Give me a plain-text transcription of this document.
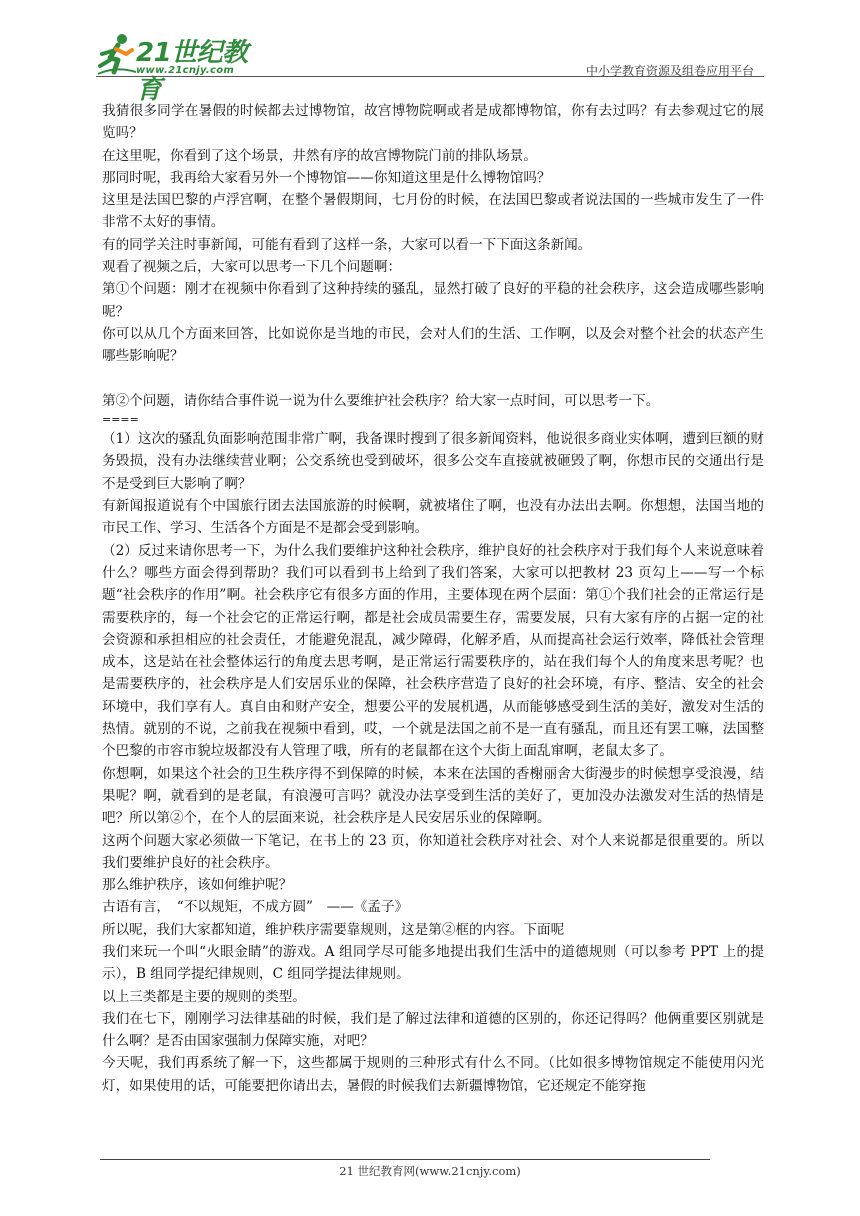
21世纪教育
www.21cnjy.com	中小学教育资源及组卷应用平台

我猜很多同学在暑假的时候都去过博物馆，故宫博物院啊或者是成都博物馆，你有去过吗？有去参观过它的展览吗？

在这里呢，你看到了这个场景，井然有序的故宫博物院门前的排队场景。

那同时呢，我再给大家看另外一个博物馆——你知道这里是什么博物馆吗？

这里是法国巴黎的卢浮宫啊，在整个暑假期间，七月份的时候，在法国巴黎或者说法国的一些城市发生了一件非常不太好的事情。

有的同学关注时事新闻，可能有看到了这样一条，大家可以看一下下面这条新闻。

观看了视频之后，大家可以思考一下几个问题啊：

第①个问题：刚才在视频中你看到了这种持续的骚乱，显然打破了良好的平稳的社会秩序，这会造成哪些影响呢？

你可以从几个方面来回答，比如说你是当地的市民，会对人们的生活、工作啊，以及会对整个社会的状态产生哪些影响呢？

第②个问题，请你结合事件说一说为什么要维护社会秩序？给大家一点时间，可以思考一下。

====

（1）这次的骚乱负面影响范围非常广啊，我备课时搜到了很多新闻资料，他说很多商业实体啊，遭到巨额的财务毁损，没有办法继续营业啊；公交系统也受到破坏，很多公交车直接就被砸毁了啊，你想市民的交通出行是不是受到巨大影响了啊？

有新闻报道说有个中国旅行团去法国旅游的时候啊，就被堵住了啊，也没有办法出去啊。你想想，法国当地的市民工作、学习、生活各个方面是不是都会受到影响。

（2）反过来请你思考一下，为什么我们要维护这种社会秩序，维护良好的社会秩序对于我们每个人来说意味着什么？哪些方面会得到帮助？我们可以看到书上给到了我们答案，大家可以把教材 23 页勾上——写一个标题“社会秩序的作用”啊。社会秩序它有很多方面的作用，主要体现在两个层面：第①个我们社会的正常运行是需要秩序的，每一个社会它的正常运行啊，都是社会成员需要生存，需要发展，只有大家有序的占据一定的社会资源和承担相应的社会责任，才能避免混乱，减少障碍，化解矛盾，从而提高社会运行效率，降低社会管理成本，这是站在社会整体运行的角度去思考啊，是正常运行需要秩序的，站在我们每个人的角度来思考呢？也是需要秩序的，社会秩序是人们安居乐业的保障，社会秩序营造了良好的社会环境，有序、整洁、安全的社会环境中，我们享有人。真自由和财产安全，想要公平的发展机遇，从而能够感受到生活的美好，激发对生活的热情。就别的不说，之前我在视频中看到，哎，一个就是法国之前不是一直有骚乱，而且还有罢工嘛，法国整个巴黎的市容市貌垃圾都没有人管理了哦，所有的老鼠都在这个大街上面乱窜啊，老鼠太多了。

你想啊，如果这个社会的卫生秩序得不到保障的时候，本来在法国的香榭丽舍大街漫步的时候想享受浪漫，结果呢？啊，就看到的是老鼠，有浪漫可言吗？就没办法享受到生活的美好了，更加没办法激发对生活的热情是吧？所以第②个，在个人的层面来说，社会秩序是人民安居乐业的保障啊。

这两个问题大家必须做一下笔记，在书上的 23 页，你知道社会秩序对社会、对个人来说都是很重要的。所以我们要维护良好的社会秩序。

那么维护秩序，该如何维护呢？

古语有言，　“不以规矩，不成方圆”　——《孟子》

所以呢，我们大家都知道，维护秩序需要靠规则，这是第②框的内容。下面呢

我们来玩一个叫“火眼金睛”的游戏。A 组同学尽可能多地提出我们生活中的道德规则（可以参考 PPT 上的提示），B 组同学提纪律规则，C 组同学提法律规则。

以上三类都是主要的规则的类型。

我们在七下，刚刚学习法律基础的时候，我们是了解过法律和道德的区别的，你还记得吗？他俩重要区别就是什么啊？是否由国家强制力保障实施，对吧？

今天呢，我们再系统了解一下，这些都属于规则的三种形式有什么不同。（比如很多博物馆规定不能使用闪光灯，如果使用的话，可能要把你请出去，暑假的时候我们去新疆博物馆，它还规定不能穿拖

21 世纪教育网(www.21cnjy.com)
